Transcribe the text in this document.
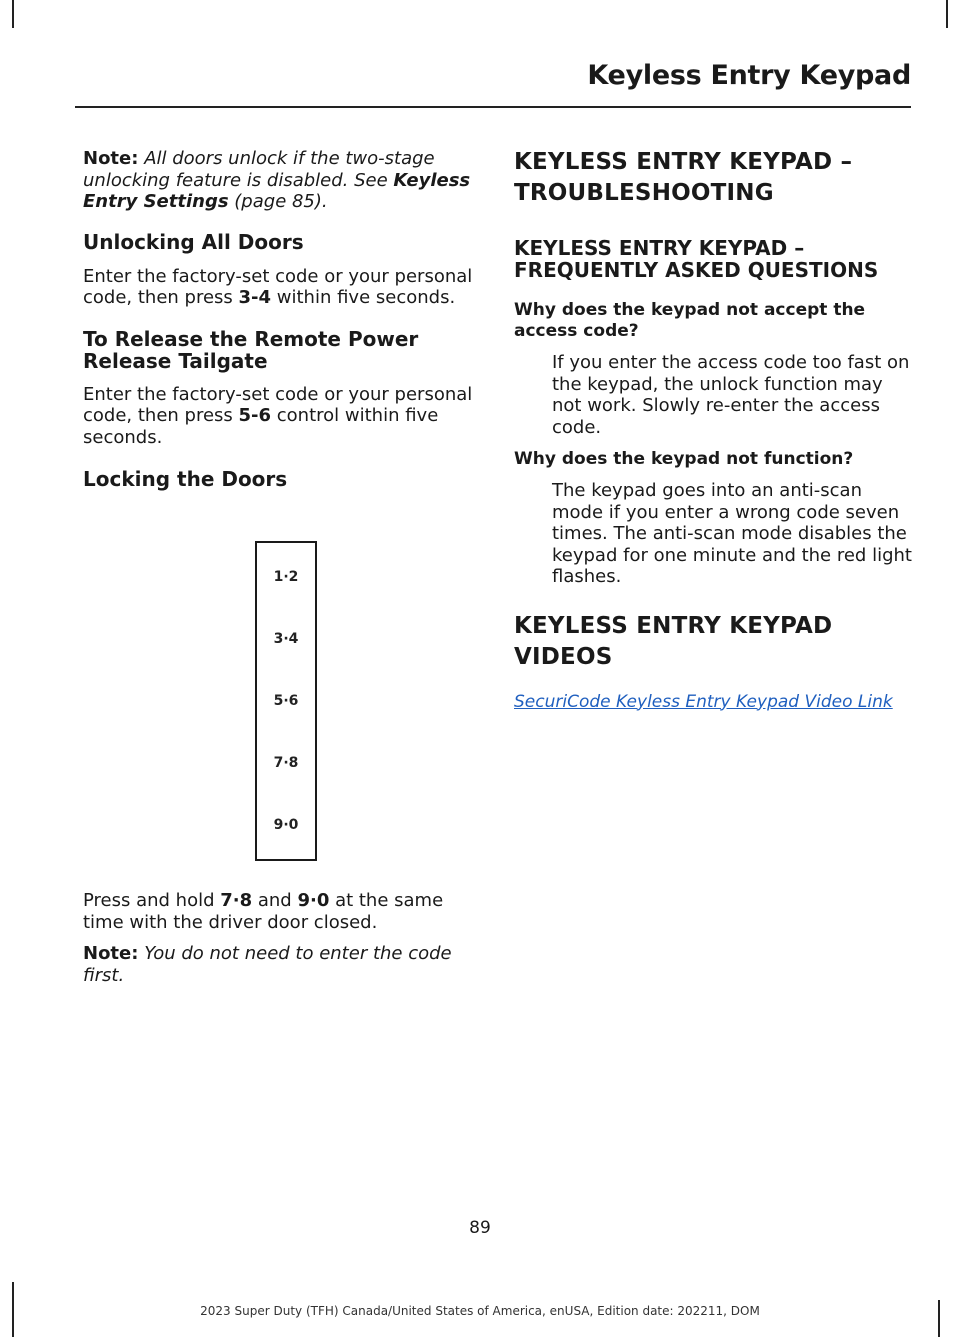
Keyless Entry Keypad

Note: All doors unlock if the two-stage unlocking feature is disabled. See Keyless Entry Settings (page 85).

Unlocking All Doors

Enter the factory-set code or your personal code, then press 3-4 within five seconds.

To Release the Remote Power Release Tailgate

Enter the factory-set code or your personal code, then press 5-6 control within five seconds.

Locking the Doors
1·2
3·4
5·6
7·8
9·0

Press and hold 7·8 and 9·0 at the same time with the driver door closed.

Note: You do not need to enter the code first.

KEYLESS ENTRY KEYPAD –
TROUBLESHOOTING
KEYLESS ENTRY KEYPAD – FREQUENTLY ASKED QUESTIONS
Why does the keypad not accept the access code?

If you enter the access code too fast on the keypad, the unlock function may not work. Slowly re-enter the access code.

Why does the keypad not function?

The keypad goes into an anti-scan mode if you enter a wrong code seven times. The anti-scan mode disables the keypad for one minute and the red light flashes.

KEYLESS ENTRY KEYPAD
VIDEOS
SecuriCode Keyless Entry Keypad Video Link
89
2023 Super Duty (TFH) Canada/United States of America, enUSA, Edition date: 202211, DOM
